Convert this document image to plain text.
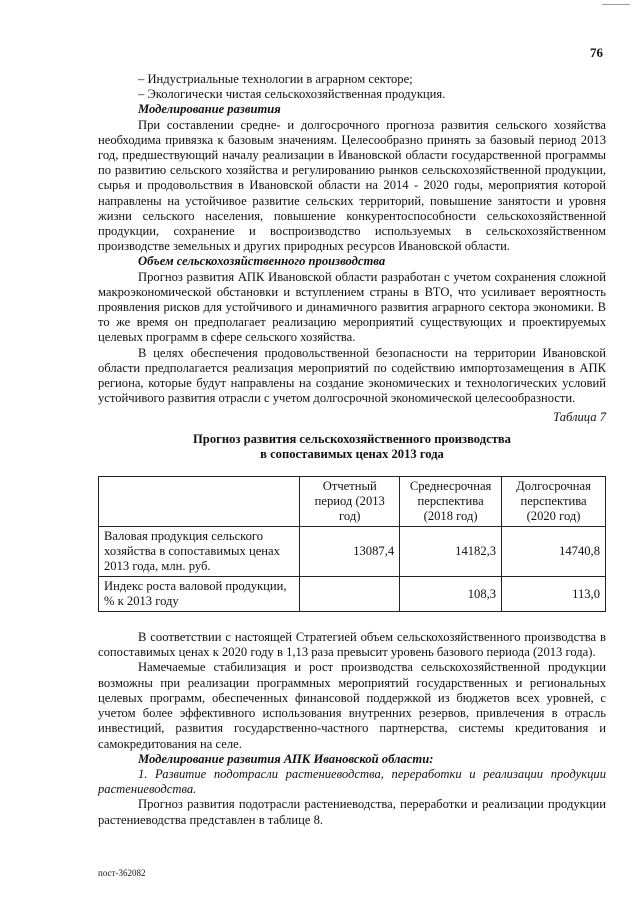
76

– Индустриальные технологии в аграрном секторе;

– Экологически чистая сельскохозяйственная продукция.

Моделирование развития

При составлении средне- и долгосрочного прогноза развития сельского хозяйства необходима привязка к базовым значениям. Целесообразно принять за базовый период 2013 год, предшествующий началу реализации в Ивановской области государственной программы по развитию сельского хозяйства и регулированию рынков сельскохозяйственной продукции, сырья и продовольствия в Ивановской области на 2014 - 2020 годы, мероприятия которой направлены на устойчивое развитие сельских территорий, повышение занятости и уровня жизни сельского населения, повышение конкурентоспособности сельскохозяйственной продукции, сохранение и воспроизводство используемых в сельскохозяйственном производстве земельных и других природных ресурсов Ивановской области.

Объем сельскохозяйственного производства

Прогноз развития АПК Ивановской области разработан с учетом сохранения сложной макроэкономической обстановки и вступлением страны в ВТО, что усиливает вероятность проявления рисков для устойчивого и динамичного развития аграрного сектора экономики. В то же время он предполагает реализацию мероприятий существующих и проектируемых целевых программ в сфере сельского хозяйства.

В целях обеспечения продовольственной безопасности на территории Ивановской области предполагается реализация мероприятий по содействию импортозамещения в АПК региона, которые будут направлены на создание экономических и технологических условий устойчивого развития отрасли с учетом долгосрочной экономической целесообразности.

Таблица 7

Прогноз развития сельскохозяйственного производства
в сопоставимых ценах 2013 года
	Отчетный период (2013 год)	Среднесрочная перспектива (2018 год)	Долгосрочная перспектива (2020 год)
Валовая продукция сельского хозяйства в сопоставимых ценах 2013 года, млн. руб.	13087,4	14182,3	14740,8
Индекс роста валовой продукции, % к 2013 году		108,3	113,0

В соответствии с настоящей Стратегией объем сельскохозяйственного производства в сопоставимых ценах к 2020 году в 1,13 раза превысит уровень базового периода (2013 года).

Намечаемые стабилизация и рост производства сельскохозяйственной продукции возможны при реализации программных мероприятий государственных и региональных целевых программ, обеспеченных финансовой поддержкой из бюджетов всех уровней, с учетом более эффективного использования внутренних резервов, привлечения в отрасль инвестиций, развития государственно-частного партнерства, системы кредитования и самокредитования на селе.

Моделирование развития АПК Ивановской области:

1. Развитие подотрасли растениеводства, переработки и реализации продукции растениеводства.

Прогноз развития подотрасли растениеводства, переработки и реализации продукции растениеводства представлен в таблице 8.

пост-362082
